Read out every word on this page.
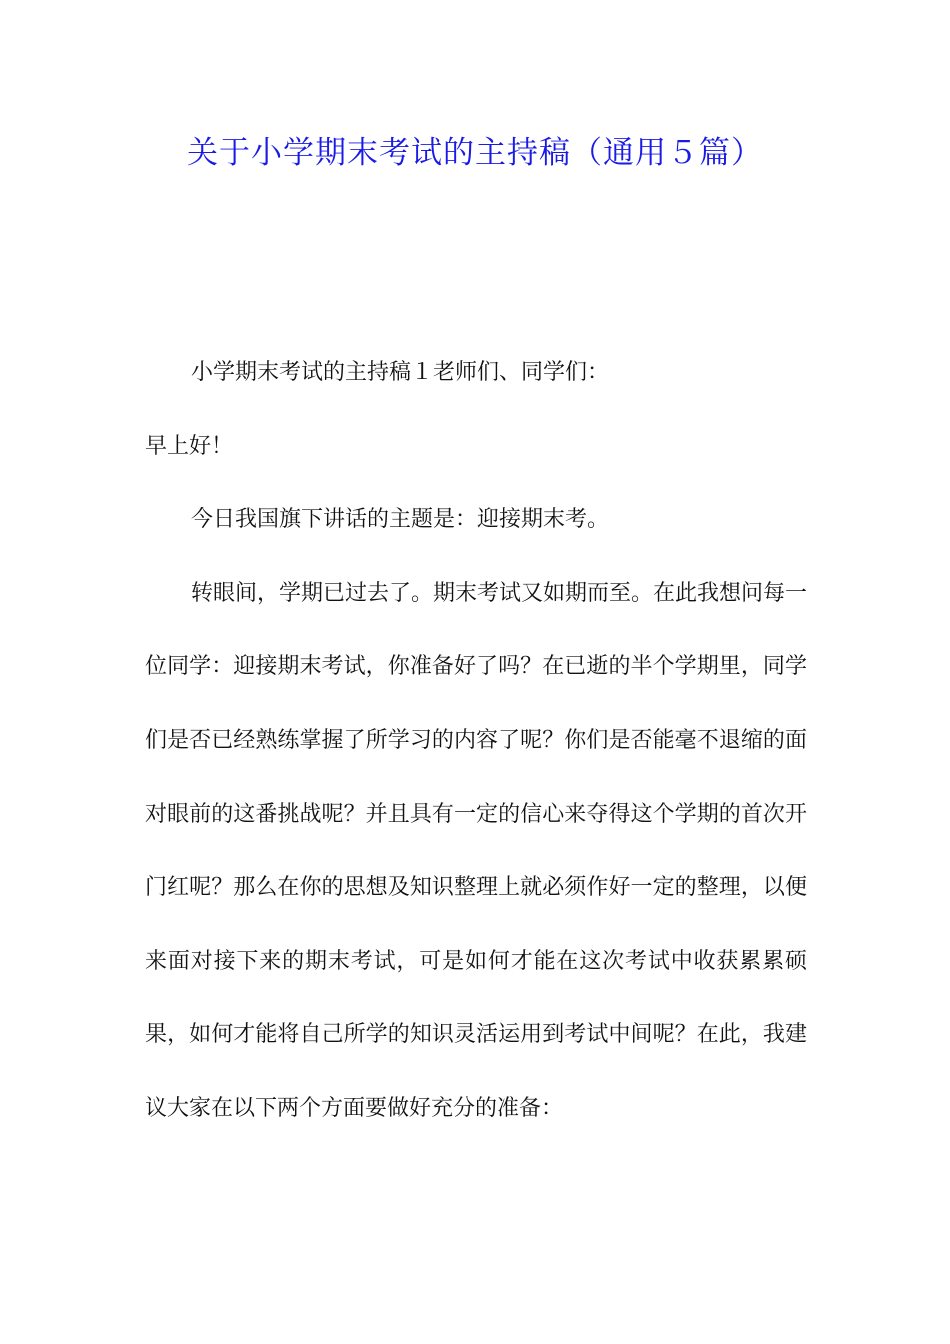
关于小学期末考试的主持稿（通用５篇）

小学期末考试的主持稿１老师们、同学们：

早上好！

今日我国旗下讲话的主题是：迎接期末考。

转眼间，学期已过去了。期末考试又如期而至。在此我想问每一位同学：迎接期末考试，你准备好了吗？在已逝的半个学期里，同学们是否已经熟练掌握了所学习的内容了呢？你们是否能毫不退缩的面对眼前的这番挑战呢？并且具有一定的信心来夺得这个学期的首次开门红呢？那么在你的思想及知识整理上就必须作好一定的整理，以便来面对接下来的期末考试，可是如何才能在这次考试中收获累累硕果，如何才能将自己所学的知识灵活运用到考试中间呢？在此，我建议大家在以下两个方面要做好充分的准备：
